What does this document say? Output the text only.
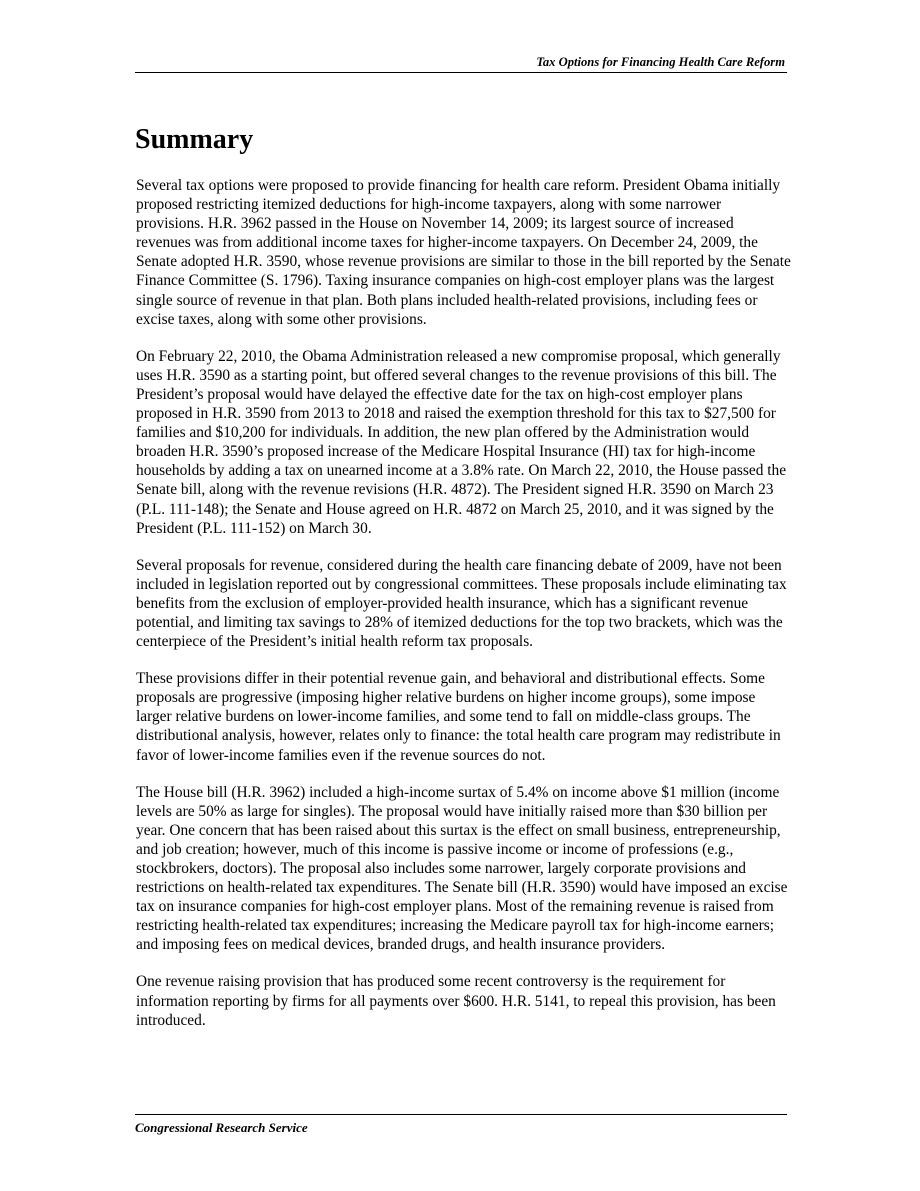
Tax Options for Financing Health Care Reform
Summary

Several tax options were proposed to provide financing for health care reform. President Obama initially proposed restricting itemized deductions for high-income taxpayers, along with some narrower provisions. H.R. 3962 passed in the House on November 14, 2009; its largest source of increased revenues was from additional income taxes for higher-income taxpayers. On December 24, 2009, the Senate adopted H.R. 3590, whose revenue provisions are similar to those in the bill reported by the Senate Finance Committee (S. 1796). Taxing insurance companies on high-cost employer plans was the largest single source of revenue in that plan. Both plans included health-related provisions, including fees or excise taxes, along with some other provisions.

On February 22, 2010, the Obama Administration released a new compromise proposal, which generally uses H.R. 3590 as a starting point, but offered several changes to the revenue provisions of this bill. The President’s proposal would have delayed the effective date for the tax on high-cost employer plans proposed in H.R. 3590 from 2013 to 2018 and raised the exemption threshold for this tax to $27,500 for families and $10,200 for individuals. In addition, the new plan offered by the Administration would broaden H.R. 3590’s proposed increase of the Medicare Hospital Insurance (HI) tax for high-income households by adding a tax on unearned income at a 3.8% rate. On March 22, 2010, the House passed the Senate bill, along with the revenue revisions (H.R. 4872). The President signed H.R. 3590 on March 23 (P.L. 111-148); the Senate and House agreed on H.R. 4872 on March 25, 2010, and it was signed by the President (P.L. 111-152) on March 30.

Several proposals for revenue, considered during the health care financing debate of 2009, have not been included in legislation reported out by congressional committees. These proposals include eliminating tax benefits from the exclusion of employer-provided health insurance, which has a significant revenue potential, and limiting tax savings to 28% of itemized deductions for the top two brackets, which was the centerpiece of the President’s initial health reform tax proposals.

These provisions differ in their potential revenue gain, and behavioral and distributional effects. Some proposals are progressive (imposing higher relative burdens on higher income groups), some impose larger relative burdens on lower-income families, and some tend to fall on middle-class groups. The distributional analysis, however, relates only to finance: the total health care program may redistribute in favor of lower-income families even if the revenue sources do not.

The House bill (H.R. 3962) included a high-income surtax of 5.4% on income above $1 million (income levels are 50% as large for singles). The proposal would have initially raised more than $30 billion per year. One concern that has been raised about this surtax is the effect on small business, entrepreneurship, and job creation; however, much of this income is passive income or income of professions (e.g., stockbrokers, doctors). The proposal also includes some narrower, largely corporate provisions and restrictions on health-related tax expenditures. The Senate bill (H.R. 3590) would have imposed an excise tax on insurance companies for high-cost employer plans. Most of the remaining revenue is raised from restricting health-related tax expenditures; increasing the Medicare payroll tax for high-income earners; and imposing fees on medical devices, branded drugs, and health insurance providers.

One revenue raising provision that has produced some recent controversy is the requirement for information reporting by firms for all payments over $600. H.R. 5141, to repeal this provision, has been introduced.

Congressional Research Service
